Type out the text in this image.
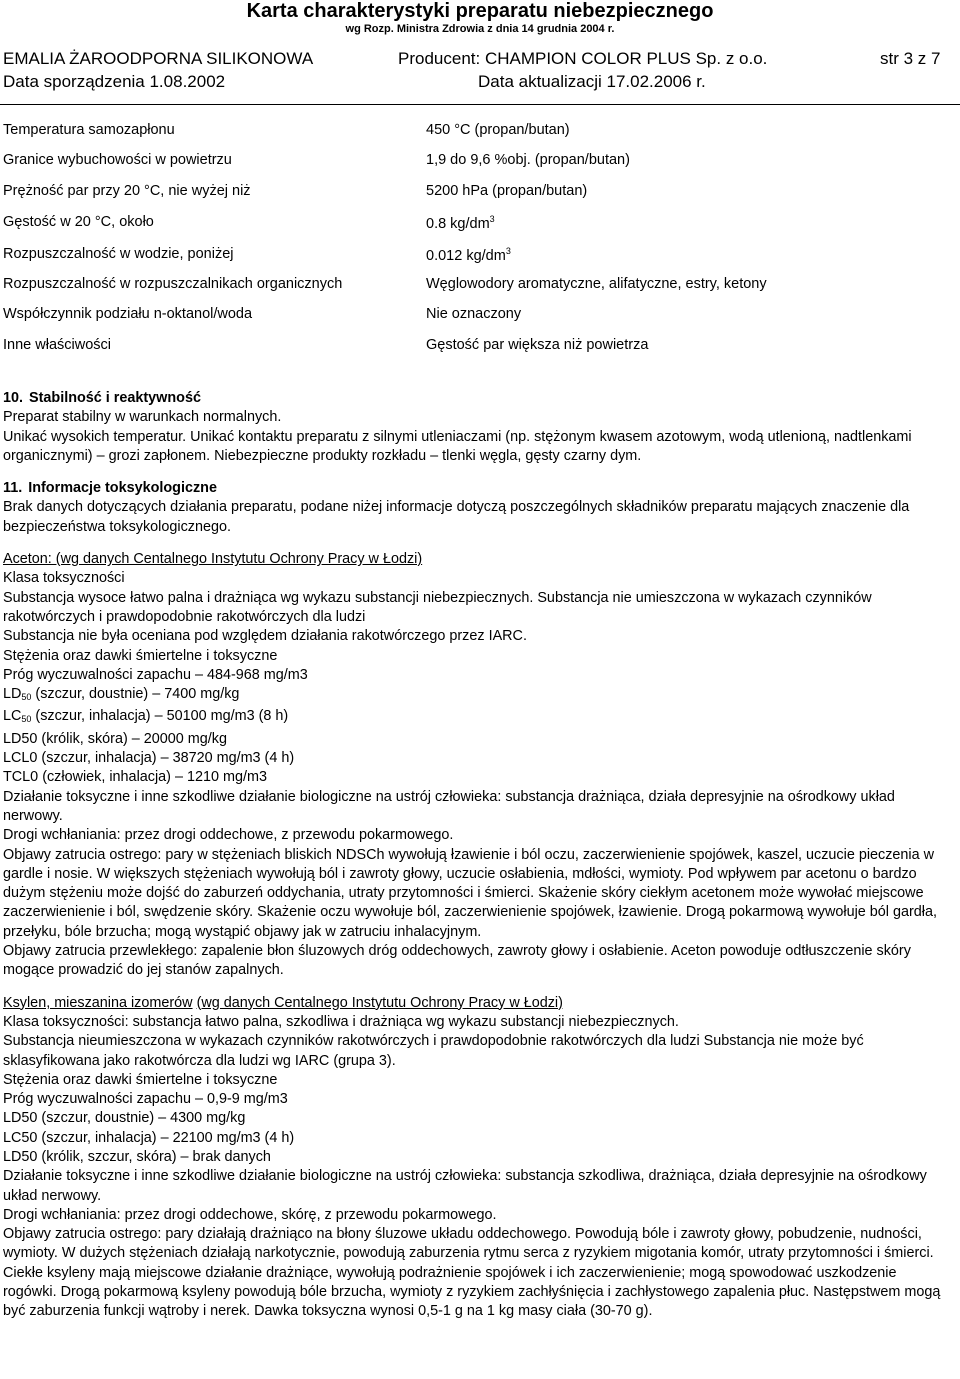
Karta charakterystyki preparatu niebezpiecznego
wg Rozp. Ministra Zdrowia z dnia 14 grudnia 2004 r.
EMALIA ŻAROODPORNA SILIKONOWA	Producent: CHAMPION COLOR PLUS Sp. z o.o.	str 3 z 7
Data sporządzenia 1.08.2002	Data aktualizacji 17.02.2006 r.
Temperatura samozapłonu	450 °C (propan/butan)
Granice wybuchowości w powietrzu	1,9 do 9,6 %obj. (propan/butan)
Prężność par przy 20 °C, nie wyżej niż	5200 hPa (propan/butan)
Gęstość w 20 °C, około	0.8 $kg/dm^3$
Rozpuszczalność w wodzie, poniżej	0.012 $kg/dm^3$
Rozpuszczalność w rozpuszczalnikach organicznych	Węglowodory aromatyczne, alifatyczne, estry, ketony
Współczynnik podziału n-oktanol/woda	Nie oznaczony
Inne właściwości	Gęstość par większa niż powietrza

10. Stabilność i reaktywność

Preparat stabilny w warunkach normalnych.

Unikać wysokich temperatur. Unikać kontaktu preparatu z silnymi utleniaczami (np. stężonym kwasem azotowym, wodą utlenioną, nadtlenkami organicznymi) – grozi zapłonem. Niebezpieczne produkty rozkładu – tlenki węgla, gęsty czarny dym.

11. Informacje toksykologiczne

Brak danych dotyczących działania preparatu, podane niżej informacje dotyczą poszczególnych składników preparatu mających znaczenie dla bezpieczeństwa toksykologicznego.

Aceton: (wg danych Centalnego Instytutu Ochrony Pracy w Łodzi)

Klasa toksyczności

Substancja wysoce łatwo palna i drażniąca wg wykazu substancji niebezpiecznych. Substancja nie umieszczona w wykazach czynników rakotwórczych i prawdopodobnie rakotwórczych dla ludzi

Substancja nie była oceniana pod względem działania rakotwórczego przez IARC.

Stężenia oraz dawki śmiertelne i toksyczne

Próg wyczuwalności zapachu – 484-968 mg/m3

$LD_{50}$ (szczur, doustnie) – 7400 mg/kg

$LC_{50}$ (szczur, inhalacja) – 50100 mg/m3 (8 h)

LD50 (królik, skóra) – 20000 mg/kg

LCL0 (szczur, inhalacja) – 38720 mg/m3 (4 h)

TCL0 (człowiek, inhalacja) – 1210 mg/m3

Działanie toksyczne i inne szkodliwe działanie biologiczne na ustrój człowieka: substancja drażniąca, działa depresyjnie na ośrodkowy układ nerwowy.

Drogi wchłaniania: przez drogi oddechowe, z przewodu pokarmowego.

Objawy zatrucia ostrego: pary w stężeniach bliskich NDSCh wywołują łzawienie i ból oczu, zaczerwienienie spojówek, kaszel, uczucie pieczenia w gardle i nosie. W większych stężeniach wywołują ból i zawroty głowy, uczucie osłabienia, mdłości, wymioty. Pod wpływem par acetonu o bardzo dużym stężeniu może dojść do zaburzeń oddychania, utraty przytomności i śmierci. Skażenie skóry ciekłym acetonem może wywołać miejscowe zaczerwienienie i ból, swędzenie skóry. Skażenie oczu wywołuje ból, zaczerwienienie spojówek, łzawienie. Drogą pokarmową wywołuje ból gardła, przełyku, bóle brzucha; mogą wystąpić objawy jak w zatruciu inhalacyjnym.

Objawy zatrucia przewlekłego: zapalenie błon śluzowych dróg oddechowych, zawroty głowy i osłabienie. Aceton powoduje odtłuszczenie skóry mogące prowadzić do jej stanów zapalnych.

Ksylen, mieszanina izomerów (wg danych Centalnego Instytutu Ochrony Pracy w Łodzi)

Klasa toksyczności: substancja łatwo palna, szkodliwa i drażniąca wg wykazu substancji niebezpiecznych.

Substancja nieumieszczona w wykazach czynników rakotwórczych i prawdopodobnie rakotwórczych dla ludzi Substancja nie może być sklasyfikowana jako rakotwórcza dla ludzi wg IARC (grupa 3).

Stężenia oraz dawki śmiertelne i toksyczne

Próg wyczuwalności zapachu – 0,9-9 mg/m3

LD50 (szczur, doustnie) – 4300 mg/kg

LC50 (szczur, inhalacja) – 22100 mg/m3 (4 h)

LD50 (królik, szczur, skóra) – brak danych

Działanie toksyczne i inne szkodliwe działanie biologiczne na ustrój człowieka: substancja szkodliwa, drażniąca, działa depresyjnie na ośrodkowy układ nerwowy.

Drogi wchłaniania: przez drogi oddechowe, skórę, z przewodu pokarmowego.

Objawy zatrucia ostrego: pary działają drażniąco na błony śluzowe układu oddechowego. Powodują bóle i zawroty głowy, pobudzenie, nudności, wymioty. W dużych stężeniach działają narkotycznie, powodują zaburzenia rytmu serca z ryzykiem migotania komór, utraty przytomności i śmierci. Ciekłe ksyleny mają miejscowe działanie drażniące, wywołują podrażnienie spojówek i ich zaczerwienienie; mogą spowodować uszkodzenie rogówki. Drogą pokarmową ksyleny powodują bóle brzucha, wymioty z ryzykiem zachłyśnięcia i zachłystowego zapalenia płuc. Następstwem mogą być zaburzenia funkcji wątroby i nerek. Dawka toksyczna wynosi 0,5-1 g na 1 kg masy ciała (30-70 g).
